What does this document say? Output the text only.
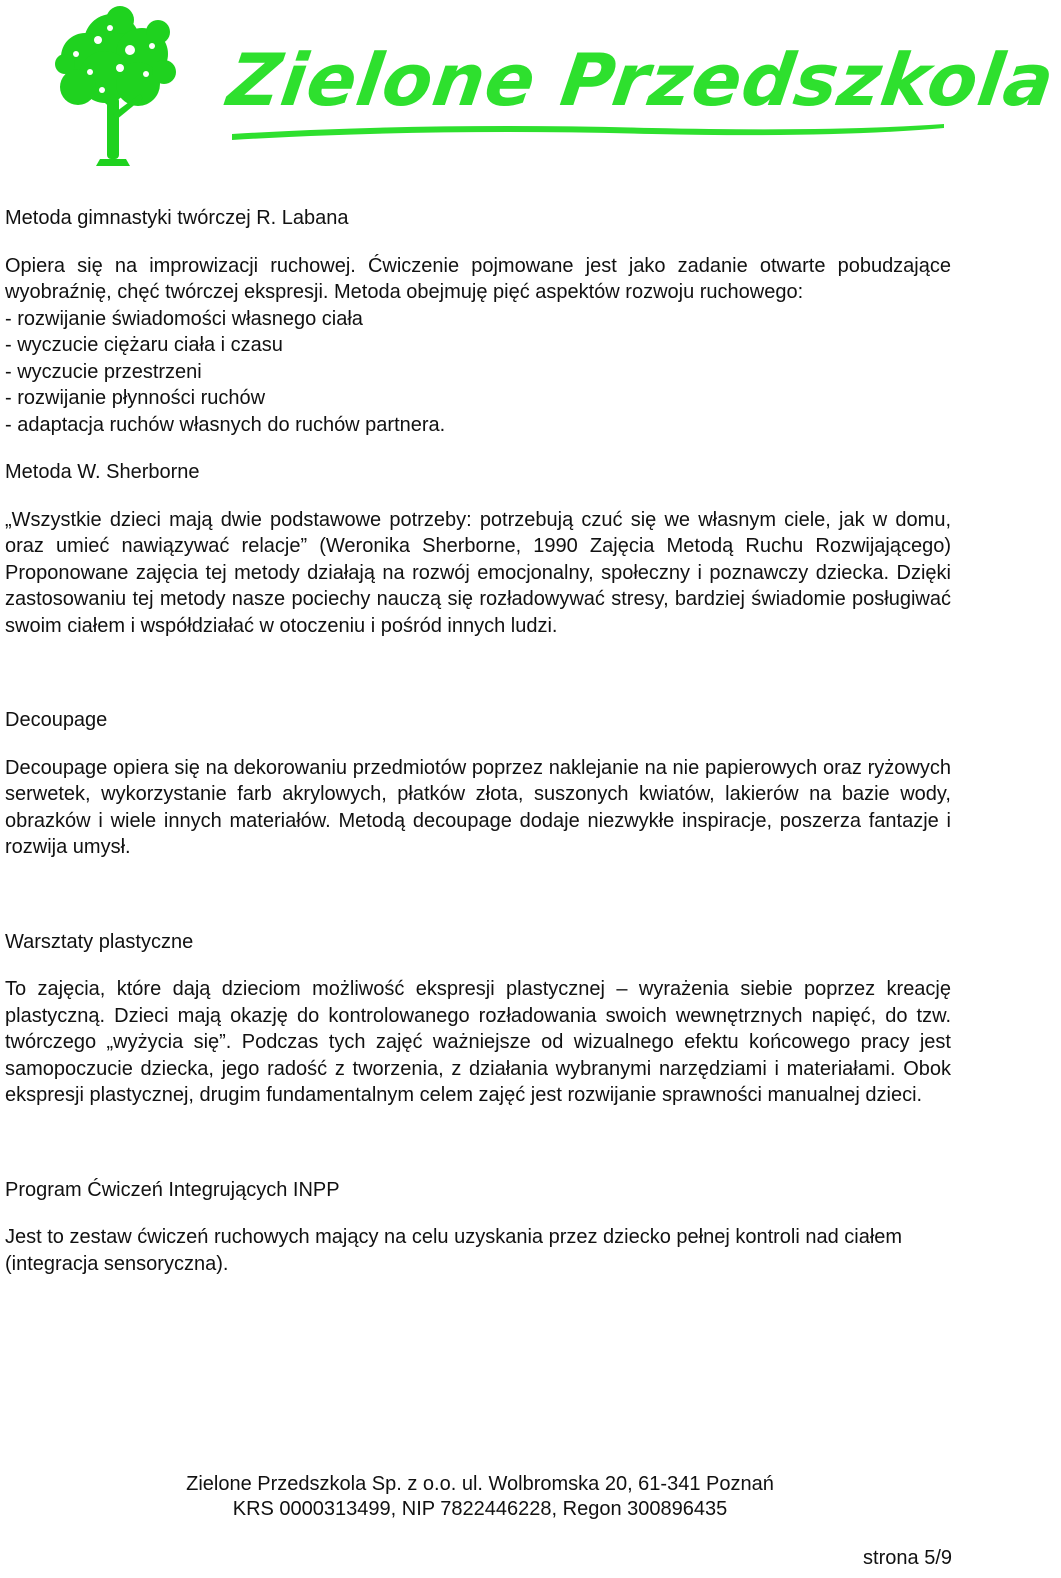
Zielone Przedszkola
Metoda gimnastyki twórczej R. Labana

Opiera się na improwizacji ruchowej. Ćwiczenie pojmowane jest jako zadanie otwarte pobudzające wyobraźnię, chęć twórczej ekspresji. Metoda obejmuję pięć aspektów rozwoju ruchowego:

- rozwijanie świadomości własnego ciała
- wyczucie ciężaru ciała i czasu
- wyczucie przestrzeni
- rozwijanie płynności ruchów
- adaptacja ruchów własnych do ruchów partnera.
Metoda W. Sherborne

„Wszystkie dzieci mają dwie podstawowe potrzeby: potrzebują czuć się we własnym ciele, jak w domu, oraz umieć nawiązywać relacje” (Weronika Sherborne, 1990 Zajęcia Metodą Ruchu Rozwijającego) Proponowane zajęcia tej metody działają na rozwój emocjonalny, społeczny i poznawczy dziecka. Dzięki zastosowaniu tej metody nasze pociechy nauczą się rozładowywać stresy, bardziej świadomie posługiwać swoim ciałem i współdziałać w otoczeniu i pośród innych ludzi.

Decoupage

Decoupage opiera się na dekorowaniu przedmiotów poprzez naklejanie na nie papierowych oraz ryżowych serwetek, wykorzystanie farb akrylowych, płatków złota, suszonych kwiatów, lakierów na bazie wody, obrazków i wiele innych materiałów. Metodą decoupage dodaje niezwykłe inspiracje, poszerza fantazje i rozwija umysł.

Warsztaty plastyczne

To zajęcia, które dają dzieciom możliwość ekspresji plastycznej – wyrażenia siebie poprzez kreację plastyczną. Dzieci mają okazję do kontrolowanego rozładowania swoich wewnętrznych napięć, do tzw. twórczego „wyżycia się”. Podczas tych zajęć ważniejsze od wizualnego efektu końcowego pracy jest samopoczucie dziecka, jego radość z tworzenia, z działania wybranymi narzędziami i materiałami. Obok ekspresji plastycznej, drugim fundamentalnym celem zajęć jest rozwijanie sprawności manualnej dzieci.

Program Ćwiczeń Integrujących INPP

Jest to zestaw ćwiczeń ruchowych mający na celu uzyskania przez dziecko pełnej kontroli nad ciałem (integracja sensoryczna).

Zielone Przedszkola Sp. z o.o. ul. Wolbromska 20, 61-341 Poznań
KRS 0000313499, NIP 7822446228, Regon 300896435
strona 5/9
